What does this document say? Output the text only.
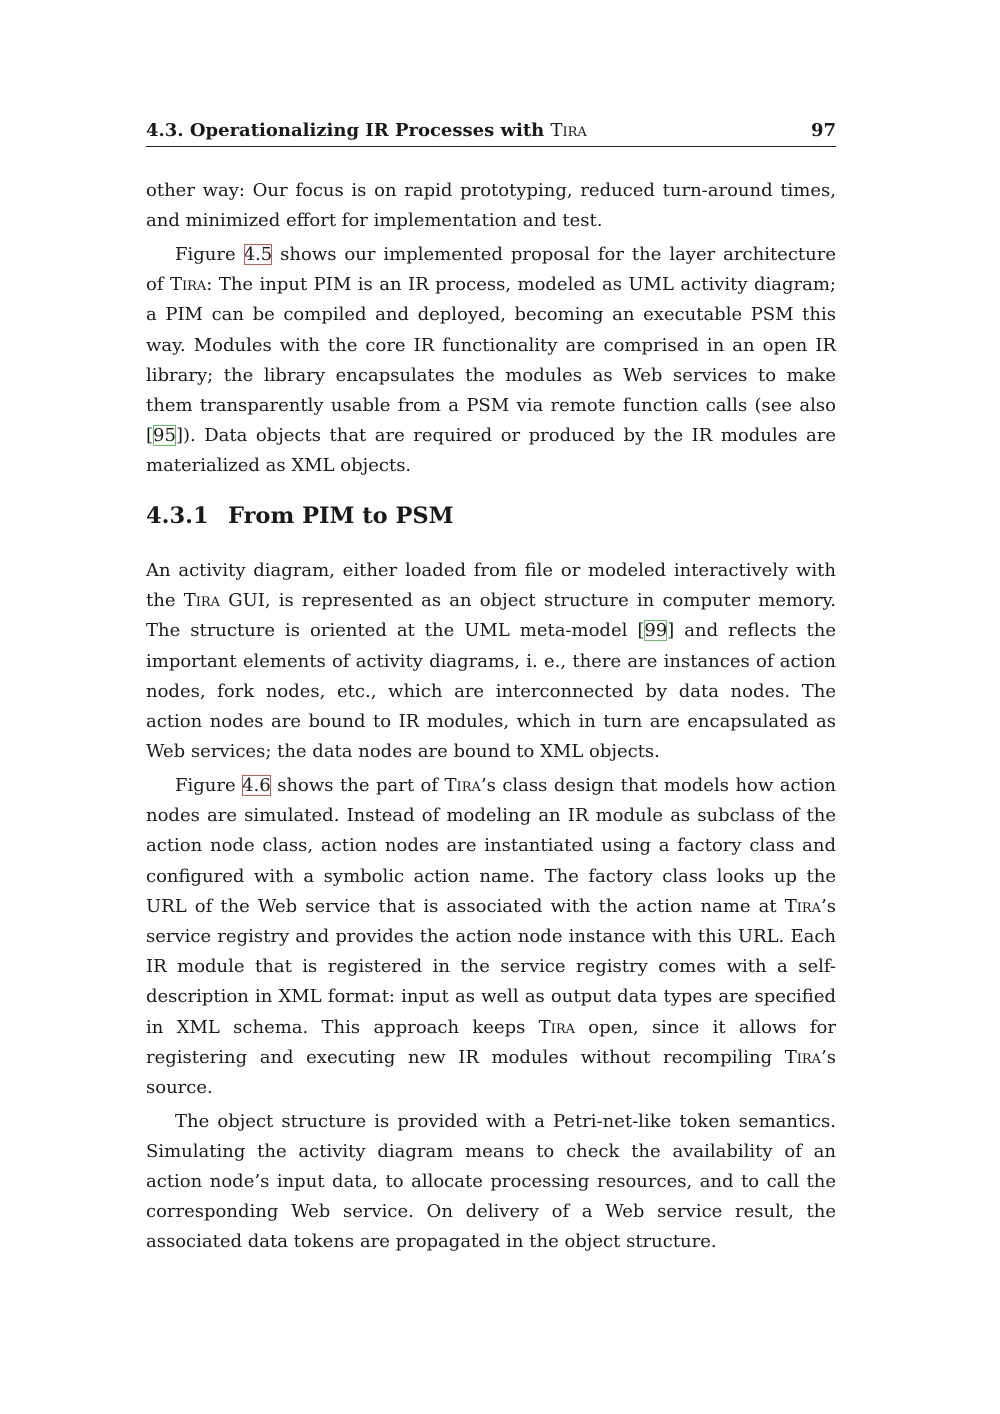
4.3. Operationalizing IR Processes with Tira	97

other way: Our focus is on rapid prototyping, reduced turn-around times, and minimized effort for implementation and test.

Figure 4.5 shows our implemented proposal for the layer architecture of Tira: The input PIM is an IR process, modeled as UML activity diagram; a PIM can be compiled and deployed, becoming an executable PSM this way. Modules with the core IR functionality are comprised in an open IR library; the library encapsulates the modules as Web services to make them transparently usable from a PSM via remote function calls (see also [95]). Data objects that are required or produced by the IR modules are materialized as XML objects.

4.3.1 From PIM to PSM

An activity diagram, either loaded from file or modeled interactively with the Tira GUI, is represented as an object structure in computer memory. The structure is oriented at the UML meta-model [99] and reflects the important elements of activity diagrams, i. e., there are instances of action nodes, fork nodes, etc., which are interconnected by data nodes. The action nodes are bound to IR modules, which in turn are encapsulated as Web services; the data nodes are bound to XML objects.

Figure 4.6 shows the part of Tira’s class design that models how action nodes are simulated. Instead of modeling an IR module as subclass of the action node class, action nodes are instantiated using a factory class and configured with a symbolic action name. The factory class looks up the URL of the Web service that is associated with the action name at Tira’s service registry and provides the action node instance with this URL. Each IR module that is registered in the service registry comes with a self-description in XML format: input as well as output data types are specified in XML schema. This approach keeps Tira open, since it allows for registering and executing new IR modules without recompiling Tira’s source.

The object structure is provided with a Petri-net-like token semantics. Simulating the activity diagram means to check the availability of an action node’s input data, to allocate processing resources, and to call the corresponding Web service. On delivery of a Web service result, the associated data tokens are propagated in the object structure.
